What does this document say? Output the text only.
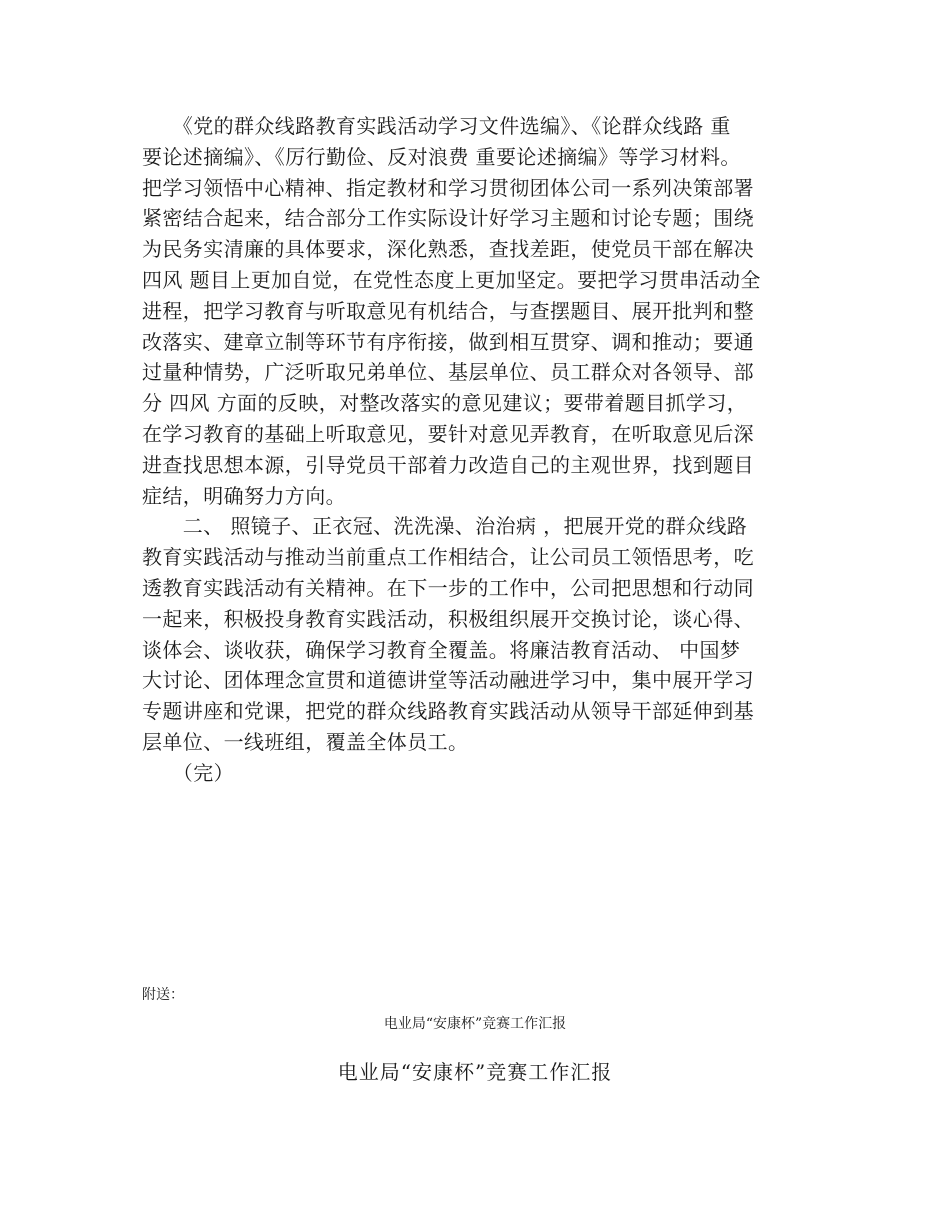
　　《党的群众线路教育实践活动学习文件选编》、《论群众线路 重
要论述摘编》、《厉行勤俭、反对浪费 重要论述摘编》等学习材料。
把学习领悟中心精神、指定教材和学习贯彻团体公司一系列决策部署
紧密结合起来，结合部分工作实际设计好学习主题和讨论专题；围绕
为民务实清廉的具体要求，深化熟悉，查找差距，使党员干部在解决
四风 题目上更加自觉，在党性态度上更加坚定。要把学习贯串活动全
进程，把学习教育与听取意见有机结合，与查摆题目、展开批判和整
改落实、建章立制等环节有序衔接，做到相互贯穿、调和推动；要通
过量种情势，广泛听取兄弟单位、基层单位、员工群众对各领导、部
分 四风 方面的反映，对整改落实的意见建议；要带着题目抓学习，
在学习教育的基础上听取意见，要针对意见弄教育，在听取意见后深
进查找思想本源，引导党员干部着力改造自己的主观世界，找到题目
症结，明确努力方向。
　　二、 照镜子、正衣冠、洗洗澡、治治病 ，把展开党的群众线路
教育实践活动与推动当前重点工作相结合，让公司员工领悟思考，吃
透教育实践活动有关精神。在下一步的工作中，公司把思想和行动同
一起来，积极投身教育实践活动，积极组织展开交换讨论，谈心得、
谈体会、谈收获，确保学习教育全覆盖。将廉洁教育活动、 中国梦
大讨论、团体理念宣贯和道德讲堂等活动融进学习中，集中展开学习
专题讲座和党课，把党的群众线路教育实践活动从领导干部延伸到基
层单位、一线班组，覆盖全体员工。
　　（完）
附送：
电业局“安康杯”竞赛工作汇报
电业局“安康杯”竞赛工作汇报
